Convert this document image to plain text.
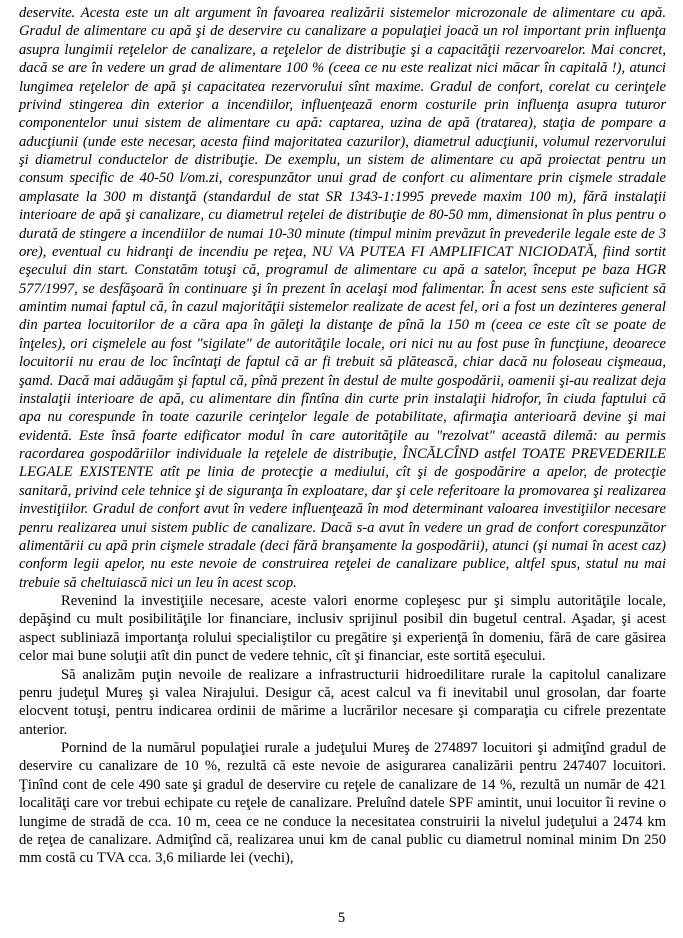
deservite. Acesta este un alt argument în favoarea realizării sistemelor microzonale de alimentare cu apă. Gradul de alimentare cu apă şi de deservire cu canalizare a populaţiei joacă un rol important prin influenţa asupra lungimii reţelelor de canalizare, a reţelelor de distribuţie şi a capacităţii rezervoarelor. Mai concret, dacă se are în vedere un grad de alimentare 100 % (ceea ce nu este realizat nici măcar în capitală !), atunci lungimea reţelelor de apă şi capacitatea rezervorului sînt maxime. Gradul de confort, corelat cu cerinţele privind stingerea din exterior a incendiilor, influenţează enorm costurile prin influenţa asupra tuturor componentelor unui sistem de alimentare cu apă: captarea, uzina de apă (tratarea), staţia de pompare a aducţiunii (unde este necesar, acesta fiind majoritatea cazurilor), diametrul aducţiunii, volumul rezervorului şi diametrul conductelor de distribuţie. De exemplu, un sistem de alimentare cu apă proiectat pentru un consum specific de 40-50 l/om.zi, corespunzător unui grad de confort cu alimentare prin cişmele stradale amplasate la 300 m distanţă (standardul de stat SR 1343-1:1995 prevede maxim 100 m), fără instalaţii interioare de apă şi canalizare, cu diametrul reţelei de distribuţie de 80-50 mm, dimensionat în plus pentru o durată de stingere a incendiilor de numai 10-30 minute (timpul minim prevăzut în prevederile legale este de 3 ore), eventual cu hidranţi de incendiu pe reţea, NU VA PUTEA FI AMPLIFICAT NICIODATĂ, fiind sortit eşecului din start. Constatăm totuşi că, programul de alimentare cu apă a satelor, început pe baza HGR 577/1997, se desfăşoară în continuare şi în prezent în acelaşi mod falimentar. În acest sens este suficient să amintim numai faptul că, în cazul majorităţii sistemelor realizate de acest fel, ori a fost un dezinteres general din partea locuitorilor de a căra apa în găleţi la distanţe de pînă la 150 m (ceea ce este cît se poate de înţeles), ori cişmelele au fost "sigilate" de autorităţile locale, ori nici nu au fost puse în funcţiune, deoarece locuitorii nu erau de loc încîntaţi de faptul că ar fi trebuit să plătească, chiar dacă nu foloseau cişmeaua, şamd. Dacă mai adăugăm şi faptul că, pînă prezent în destul de multe gospodării, oamenii şi-au realizat deja instalaţii interioare de apă, cu alimentare din fîntîna din curte prin instalaţii hidrofor, în ciuda faptului că apa nu corespunde în toate cazurile cerinţelor legale de potabilitate, afirmaţia anterioară devine şi mai evidentă. Este însă foarte edificator modul în care autorităţile au "rezolvat" această dilemă: au permis racordarea gospodăriilor individuale la reţelele de distribuţie, ÎNCĂLCÎND astfel TOATE PREVEDERILE LEGALE EXISTENTE atît pe linia de protecţie a mediului, cît şi de gospodărire a apelor, de protecţie sanitară, privind cele tehnice şi de siguranţa în exploatare, dar şi cele referitoare la promovarea şi realizarea investiţiilor. Gradul de confort avut în vedere influenţează în mod determinant valoarea investiţiilor necesare penru realizarea unui sistem public de canalizare. Dacă s-a avut în vedere un grad de confort corespunzător alimentării cu apă prin cişmele stradale (deci fără branşamente la gospodării), atunci (şi numai în acest caz) conform legii apelor, nu este nevoie de construirea reţelei de canalizare publice, altfel spus, statul nu mai trebuie să cheltuiască nici un leu în acest scop.

Revenind la investiţiile necesare, aceste valori enorme copleşesc pur şi simplu autorităţile locale, depăşind cu mult posibilităţile lor financiare, inclusiv sprijinul posibil din bugetul central. Aşadar, şi acest aspect subliniază importanţa rolului specialiştilor cu pregătire şi experienţă în domeniu, fără de care găsirea celor mai bune soluţii atît din punct de vedere tehnic, cît şi financiar, este sortită eşecului.

Să analizăm puţin nevoile de realizare a infrastructurii hidroedilitare rurale la capitolul canalizare penru judeţul Mureş şi valea Nirajului. Desigur că, acest calcul va fi inevitabil unul grosolan, dar foarte elocvent totuşi, pentru indicarea ordinii de mărime a lucrărilor necesare şi comparaţia cu cifrele prezentate anterior.

Pornind de la numărul populaţiei rurale a judeţului Mureş de 274897 locuitori şi admiţînd gradul de deservire cu canalizare de 10 %, rezultă că este nevoie de asigurarea canalizării pentru 247407 locuitori. Ţinînd cont de cele 490 sate şi gradul de deservire cu reţele de canalizare de 14 %, rezultă un număr de 421 localităţi care vor trebui echipate cu reţele de canalizare. Preluînd datele SPF amintit, unui locuitor îi revine o lungime de stradă de cca. 10 m, ceea ce ne conduce la necesitatea construirii la nivelul judeţului a 2474 km de reţea de canalizare. Admiţînd că, realizarea unui km de canal public cu diametrul nominal minim Dn 250 mm costă cu TVA cca. 3,6 miliarde lei (vechi),

5
